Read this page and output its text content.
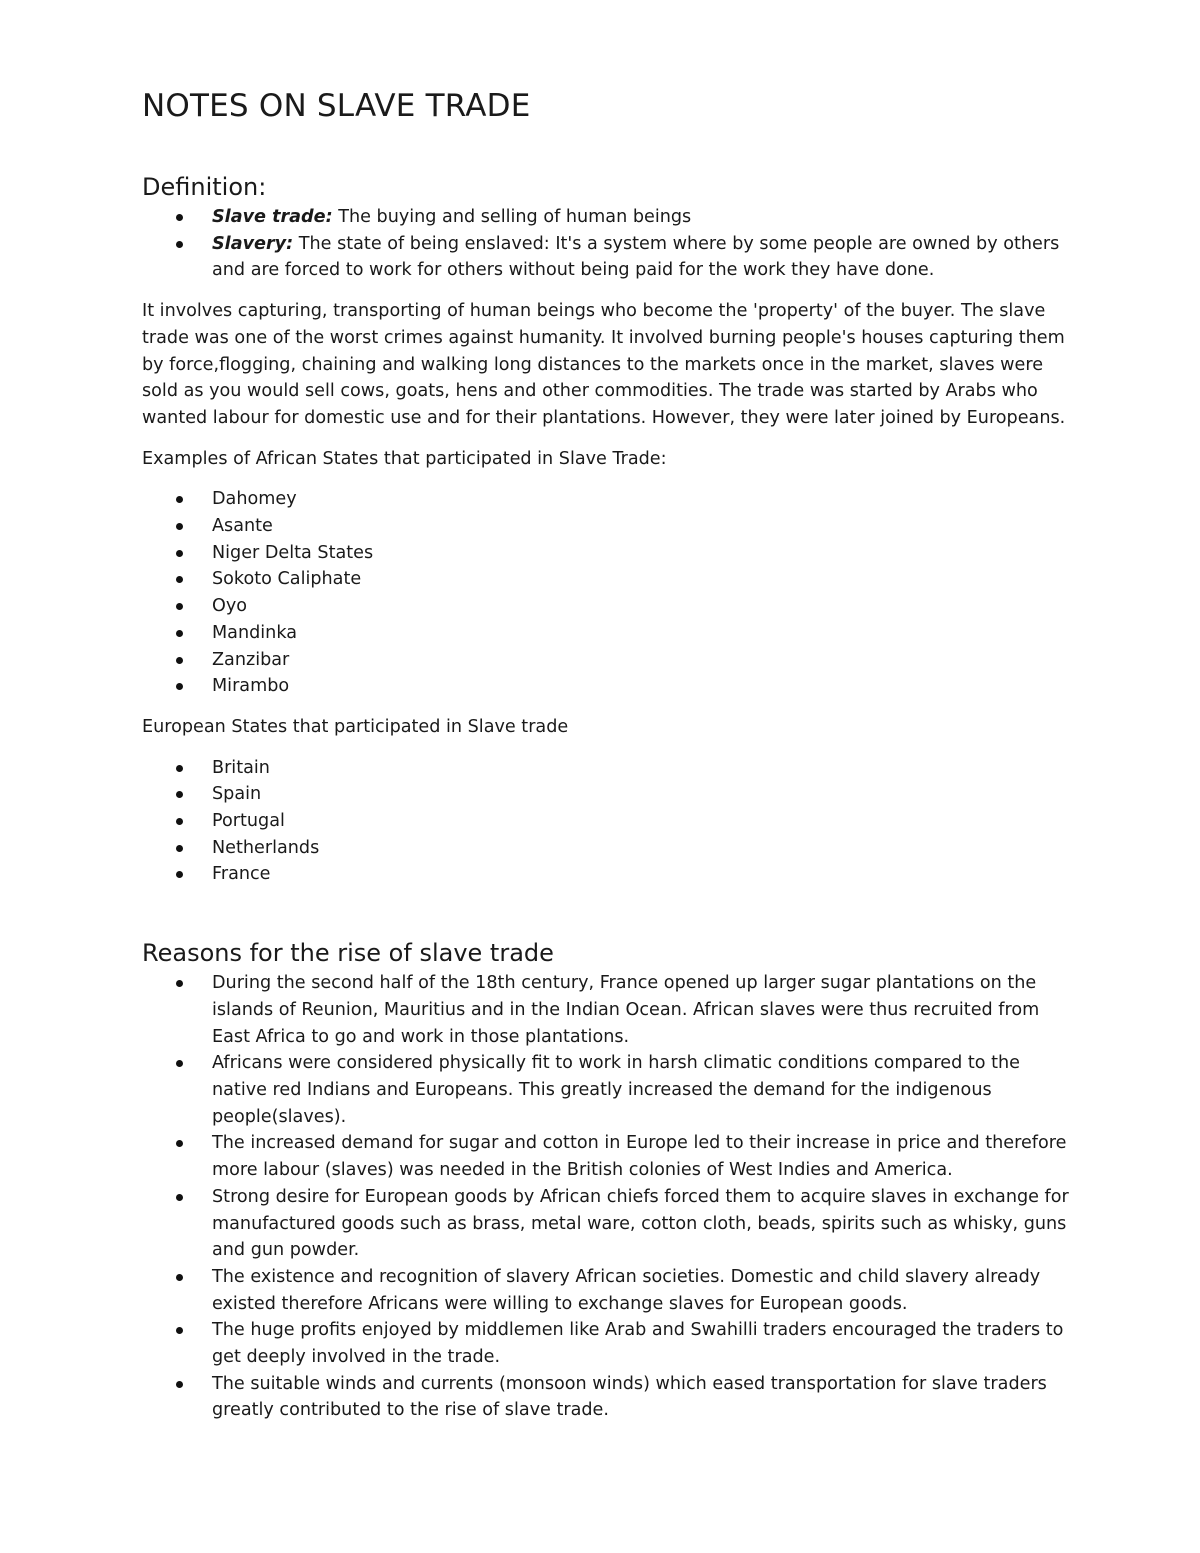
NOTES ON SLAVE TRADE
Definition:
Slave trade: The buying and selling of human beings
Slavery: The state of being enslaved: It's a system where by some people are owned by others and are forced to work for others without being paid for the work they have done.

It involves capturing, transporting of human beings who become the 'property' of the buyer. The slave trade was one of the worst crimes against humanity. It involved burning people's houses capturing them by force,flogging, chaining and walking long distances to the markets once in the market, slaves were sold as you would sell cows, goats, hens and other commodities. The trade was started by Arabs who wanted labour for domestic use and for their plantations. However, they were later joined by Europeans.

Examples of African States that participated in Slave Trade:

Dahomey
Asante
Niger Delta States
Sokoto Caliphate
Oyo
Mandinka
Zanzibar
Mirambo

European States that participated in Slave trade

Britain
Spain
Portugal
Netherlands
France
Reasons for the rise of slave trade
During the second half of the 18th century, France opened up larger sugar plantations on the islands of Reunion, Mauritius and in the Indian Ocean. African slaves were thus recruited from East Africa to go and work in those plantations.
Africans were considered physically fit to work in harsh climatic conditions compared to the native red Indians and Europeans. This greatly increased the demand for the indigenous people(slaves).
The increased demand for sugar and cotton in Europe led to their increase in price and therefore more labour (slaves) was needed in the British colonies of West Indies and America.
Strong desire for European goods by African chiefs forced them to acquire slaves in exchange for manufactured goods such as brass, metal ware, cotton cloth, beads, spirits such as whisky, guns and gun powder.
The existence and recognition of slavery African societies. Domestic and child slavery already existed therefore Africans were willing to exchange slaves for European goods.
The huge profits enjoyed by middlemen like Arab and Swahilli traders encouraged the traders to get deeply involved in the trade.
The suitable winds and currents (monsoon winds) which eased transportation for slave traders greatly contributed to the rise of slave trade.
